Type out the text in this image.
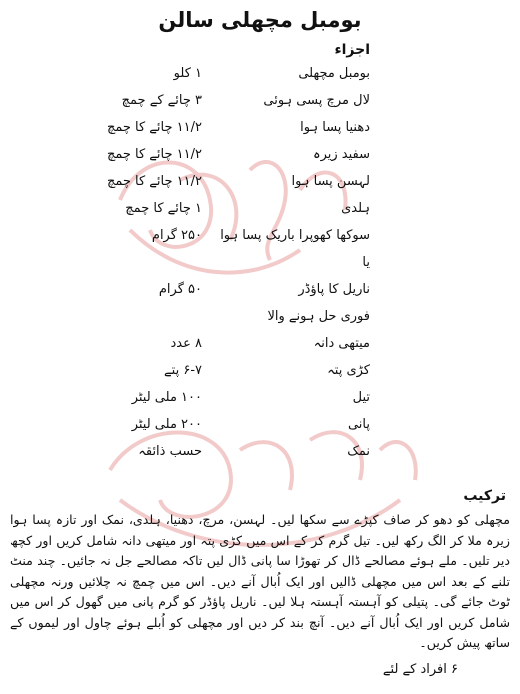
بومبل مچھلی سالن
اجزاء
بومبل مچھلی
۱ کلو
لال مرچ پسی ہوئی
۳ چائے کے چمچ
دھنیا پسا ہوا
۱۱/۲ چائے کا چمچ
سفید زیرہ
۱۱/۲ چائے کا چمچ
لہسن پسا ہوا
۱۱/۲ چائے کا چمچ
ہلدی
۱ چائے کا چمچ
سوکھا کھوپرا باریک پسا ہوا
۲۵۰ گرام
یا
ناریل کا پاؤڈر
۵۰ گرام
فوری حل ہونے والا
میتھی دانہ
۸ عدد
کڑی پتہ
۶-۷ پتے
تیل
۱۰۰ ملی لیٹر
پانی
۲۰۰ ملی لیٹر
نمک
حسب ذائقہ
ترکیب
مچھلی کو دھو کر صاف کپڑے سے سکھا لیں۔ لہسن، مرچ، دھنیا، ہلدی، نمک اور تازہ پسا ہوا زیرہ ملا کر الگ رکھ لیں۔ تیل گرم کر کے اس میں کڑی پتہ اور میتھی دانہ شامل کریں اور کچھ دیر تلیں۔ ملے ہوئے مصالحے ڈال کر تھوڑا سا پانی ڈال لیں تاکہ مصالحے جل نہ جائیں۔ چند منٹ تلنے کے بعد اس میں مچھلی ڈالیں اور ایک اُبال آنے دیں۔ اس میں چمچ نہ چلائیں ورنہ مچھلی ٹوٹ جائے گی۔ پتیلی کو آہستہ آہستہ ہلا لیں۔ ناریل پاؤڈر کو گرم پانی میں گھول کر اس میں شامل کریں اور ایک اُبال آنے دیں۔ آنچ بند کر دیں اور مچھلی کو اُبلے ہوئے چاول اور لیموں کے ساتھ پیش کریں۔
۶ افراد کے لئے
